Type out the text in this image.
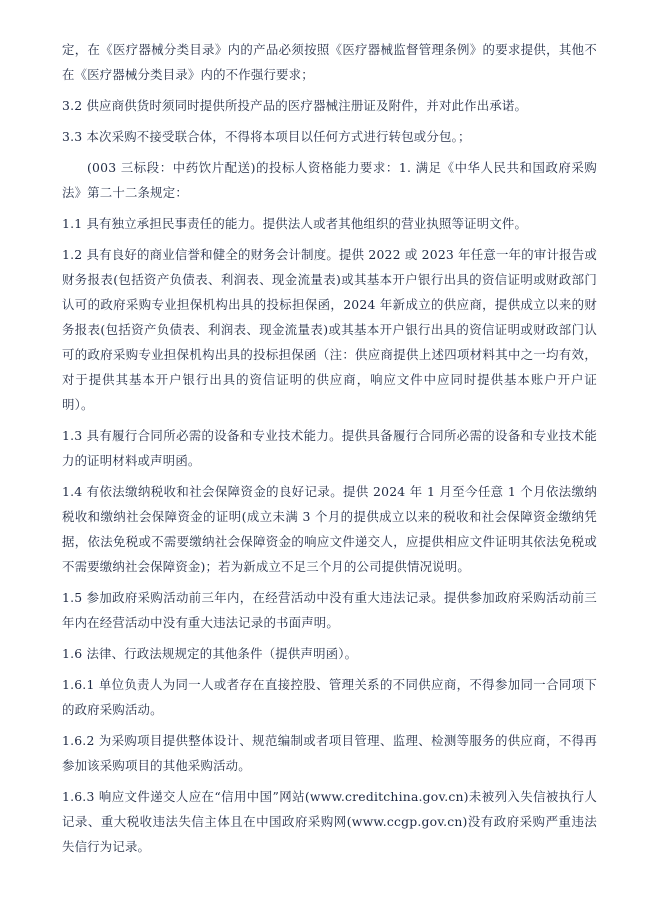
定，在《医疗器械分类目录》内的产品必须按照《医疗器械监督管理条例》的要求提供，其他不在《医疗器械分类目录》内的不作强行要求；

3.2 供应商供货时须同时提供所投产品的医疗器械注册证及附件，并对此作出承诺。

3.3 本次采购不接受联合体，不得将本项目以任何方式进行转包或分包。；

(003 三标段：中药饮片配送)的投标人资格能力要求：1. 满足《中华人民共和国政府采购法》第二十二条规定：

1.1 具有独立承担民事责任的能力。提供法人或者其他组织的营业执照等证明文件。

1.2 具有良好的商业信誉和健全的财务会计制度。提供 2022 或 2023 年任意一年的审计报告或财务报表(包括资产负债表、利润表、现金流量表)或其基本开户银行出具的资信证明或财政部门认可的政府采购专业担保机构出具的投标担保函，2024 年新成立的供应商，提供成立以来的财务报表(包括资产负债表、利润表、现金流量表)或其基本开户银行出具的资信证明或财政部门认可的政府采购专业担保机构出具的投标担保函（注：供应商提供上述四项材料其中之一均有效，对于提供其基本开户银行出具的资信证明的供应商，响应文件中应同时提供基本账户开户证明）。

1.3 具有履行合同所必需的设备和专业技术能力。提供具备履行合同所必需的设备和专业技术能力的证明材料或声明函。

1.4 有依法缴纳税收和社会保障资金的良好记录。提供 2024 年 1 月至今任意 1 个月依法缴纳税收和缴纳社会保障资金的证明(成立未满 3 个月的提供成立以来的税收和社会保障资金缴纳凭据，依法免税或不需要缴纳社会保障资金的响应文件递交人，应提供相应文件证明其依法免税或不需要缴纳社会保障资金)；若为新成立不足三个月的公司提供情况说明。

1.5 参加政府采购活动前三年内，在经营活动中没有重大违法记录。提供参加政府采购活动前三年内在经营活动中没有重大违法记录的书面声明。

1.6 法律、行政法规规定的其他条件（提供声明函）。

1.6.1 单位负责人为同一人或者存在直接控股、管理关系的不同供应商，不得参加同一合同项下的政府采购活动。

1.6.2 为采购项目提供整体设计、规范编制或者项目管理、监理、检测等服务的供应商，不得再参加该采购项目的其他采购活动。

1.6.3 响应文件递交人应在“信用中国”网站(www.creditchina.gov.cn)未被列入失信被执行人记录、重大税收违法失信主体且在中国政府采购网(www.ccgp.gov.cn)没有政府采购严重违法失信行为记录。
